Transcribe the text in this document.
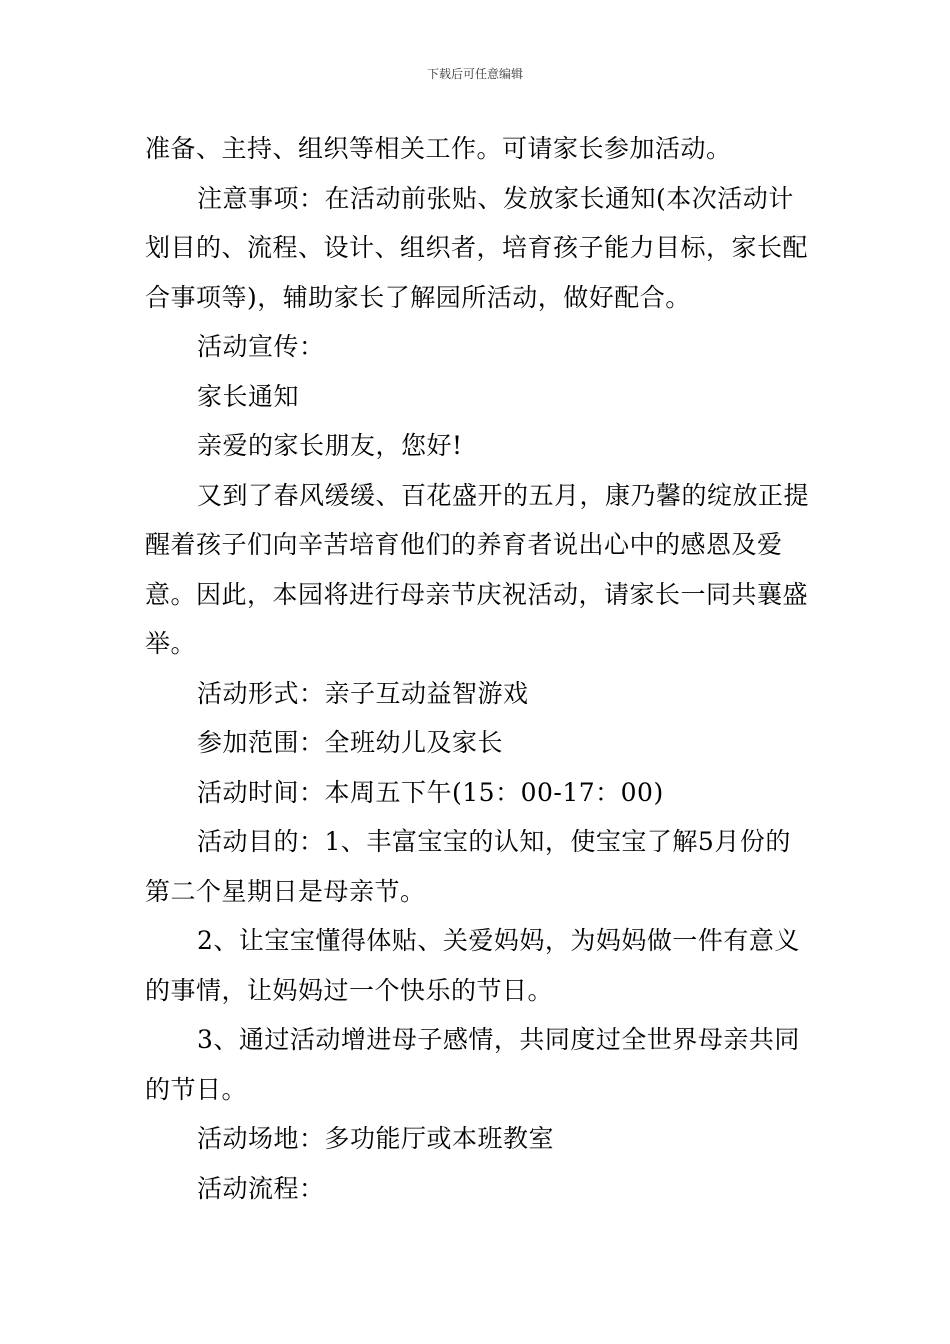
下载后可任意编辑

准备、主持、组织等相关工作。可请家长参加活动。

注意事项：在活动前张贴、发放家长通知(本次活动计划目的、流程、设计、组织者，培育孩子能力目标，家长配合事项等)，辅助家长了解园所活动，做好配合。

活动宣传：

家长通知

亲爱的家长朋友，您好!

又到了春风缓缓、百花盛开的五月，康乃馨的绽放正提醒着孩子们向辛苦培育他们的养育者说出心中的感恩及爱意。因此，本园将进行母亲节庆祝活动，请家长一同共襄盛举。

活动形式：亲子互动益智游戏

参加范围：全班幼儿及家长

活动时间：本周五下午(15：00-17：00)

活动目的：1、丰富宝宝的认知，使宝宝了解5月份的第二个星期日是母亲节。

2、让宝宝懂得体贴、关爱妈妈，为妈妈做一件有意义的事情，让妈妈过一个快乐的节日。

3、通过活动增进母子感情，共同度过全世界母亲共同的节日。

活动场地：多功能厅或本班教室

活动流程：
